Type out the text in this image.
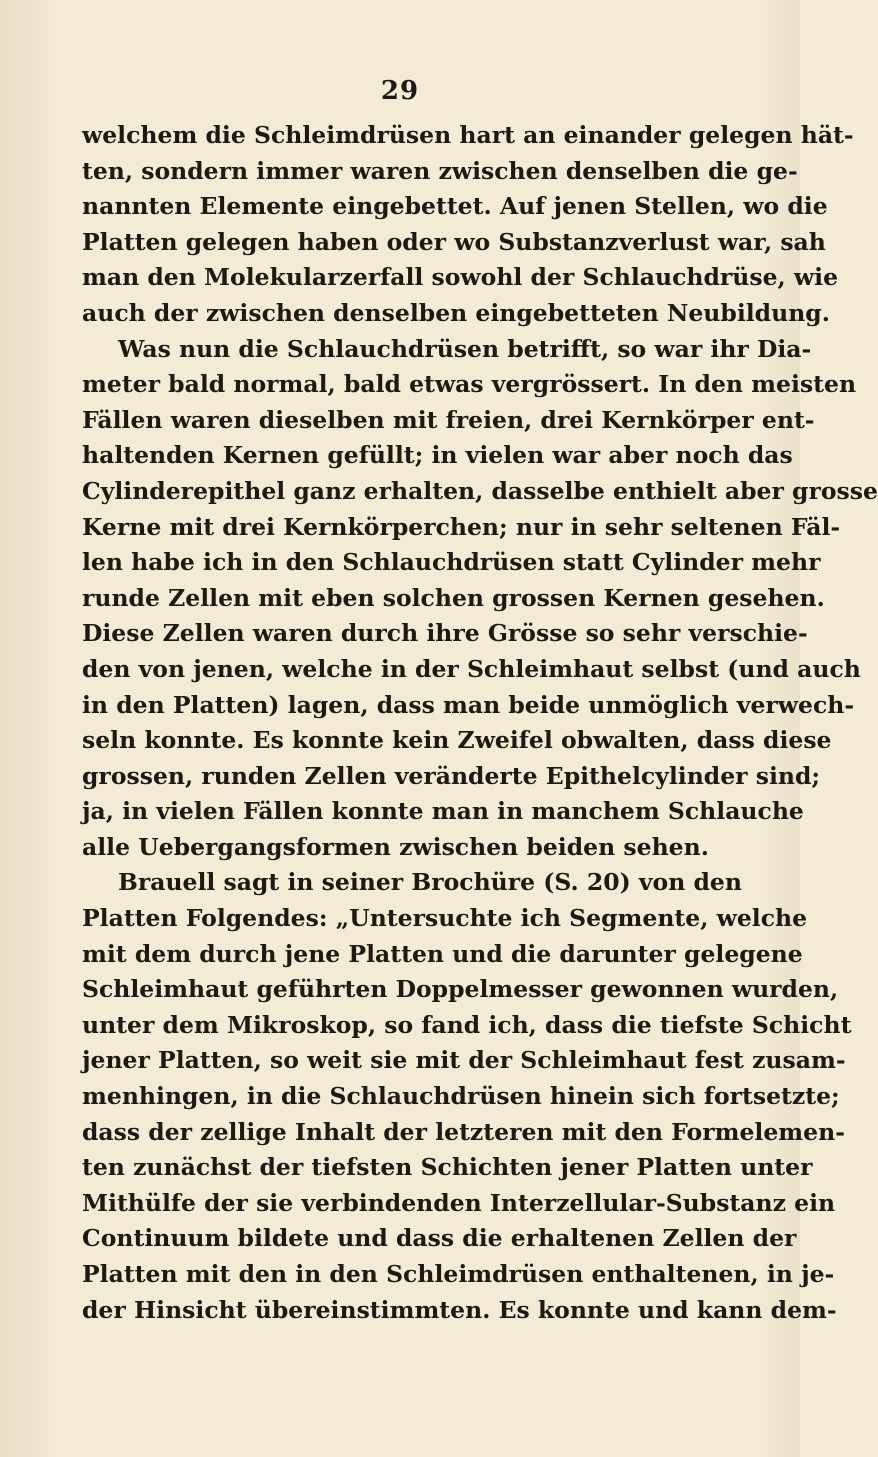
29
welchem die Schleimdrüsen hart an einander gelegen hät-
ten, sondern immer waren zwischen denselben die ge-
nannten Elemente eingebettet. Auf jenen Stellen, wo die
Platten gelegen haben oder wo Substanzverlust war, sah
man den Molekularzerfall sowohl der Schlauchdrüse, wie
auch der zwischen denselben eingebetteten Neubildung.
Was nun die Schlauchdrüsen betrifft, so war ihr Dia-
meter bald normal, bald etwas vergrössert. In den meisten
Fällen waren dieselben mit freien, drei Kernkörper ent-
haltenden Kernen gefüllt; in vielen war aber noch das
Cylinderepithel ganz erhalten, dasselbe enthielt aber grosse
Kerne mit drei Kernkörperchen; nur in sehr seltenen Fäl-
len habe ich in den Schlauchdrüsen statt Cylinder mehr
runde Zellen mit eben solchen grossen Kernen gesehen.
Diese Zellen waren durch ihre Grösse so sehr verschie-
den von jenen, welche in der Schleimhaut selbst (und auch
in den Platten) lagen, dass man beide unmöglich verwech-
seln konnte. Es konnte kein Zweifel obwalten, dass diese
grossen, runden Zellen veränderte Epithelcylinder sind;
ja, in vielen Fällen konnte man in manchem Schlauche
alle Uebergangsformen zwischen beiden sehen.
Brauell sagt in seiner Brochüre (S. 20) von den
Platten Folgendes: „Untersuchte ich Segmente, welche
mit dem durch jene Platten und die darunter gelegene
Schleimhaut geführten Doppelmesser gewonnen wurden,
unter dem Mikroskop, so fand ich, dass die tiefste Schicht
jener Platten, so weit sie mit der Schleimhaut fest zusam-
menhingen, in die Schlauchdrüsen hinein sich fortsetzte;
dass der zellige Inhalt der letzteren mit den Formelemen-
ten zunächst der tiefsten Schichten jener Platten unter
Mithülfe der sie verbindenden Interzellular-Substanz ein
Continuum bildete und dass die erhaltenen Zellen der
Platten mit den in den Schleimdrüsen enthaltenen, in je-
der Hinsicht übereinstimmten. Es konnte und kann dem-
